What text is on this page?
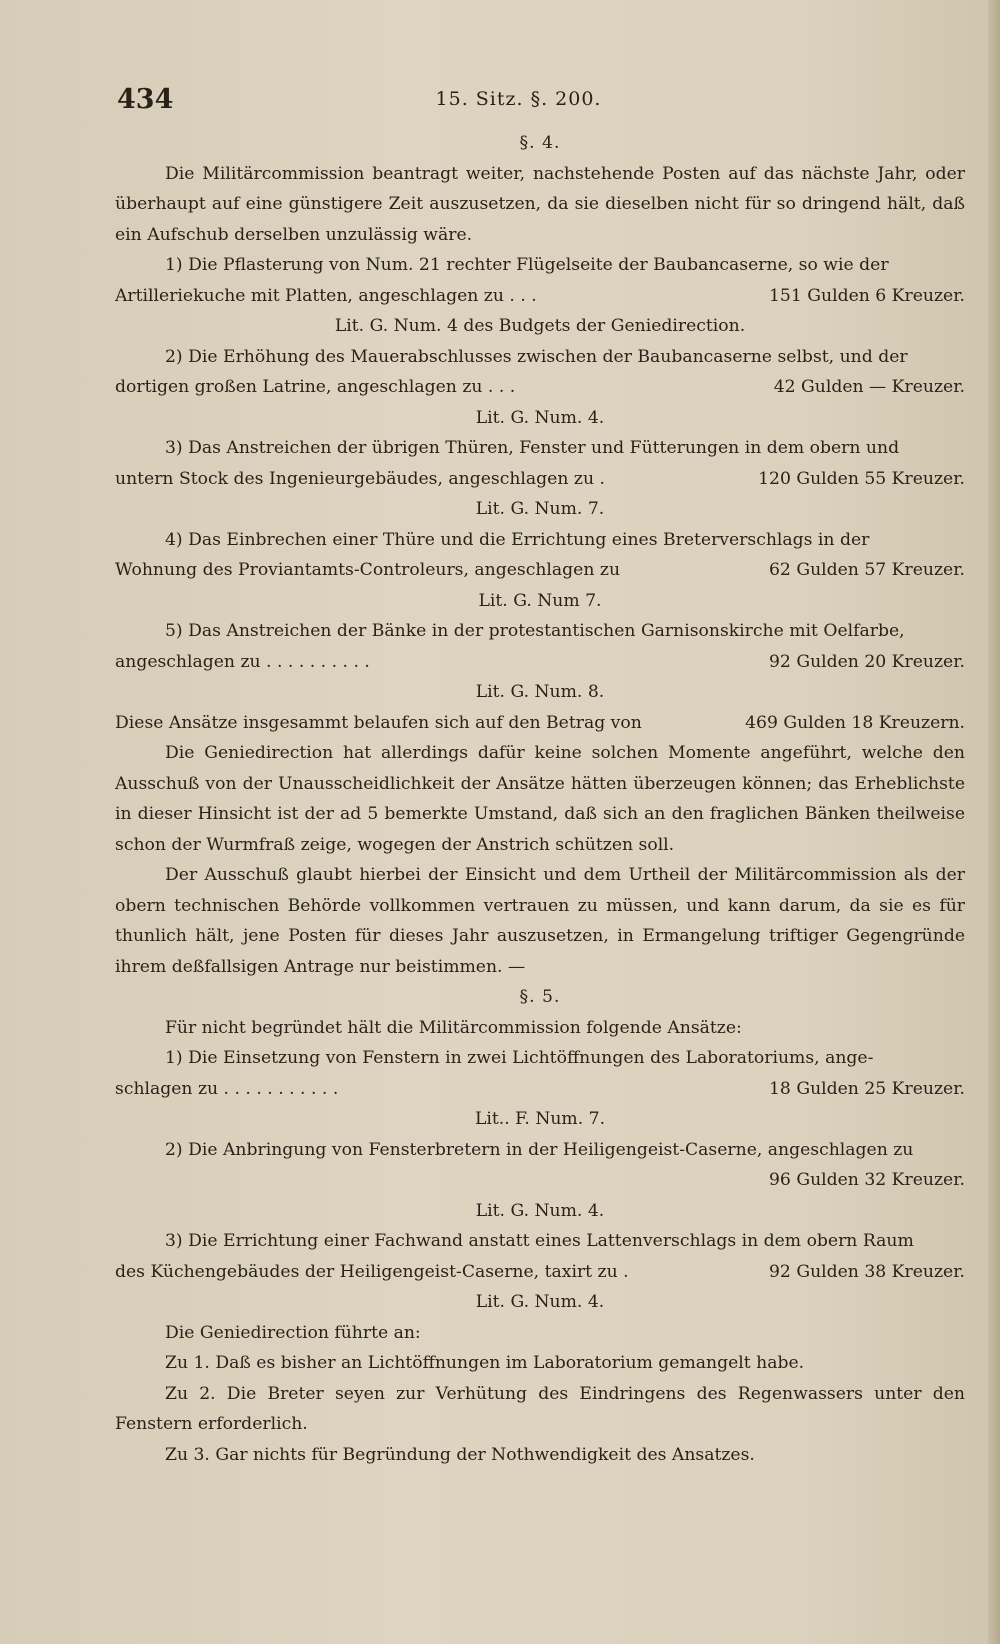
434	15. Sitz. §. 200.

§. 4.

Die Militärcommission beantragt weiter, nachstehende Posten auf das nächste Jahr, oder überhaupt auf eine günstigere Zeit auszusetzen, da sie dieselben nicht für so dringend hält, daß ein Aufschub derselben unzulässig wäre.

1) Die Pflasterung von Num. 21 rechter Flügelseite der Baubancaserne, so wie der

Artilleriekuche mit Platten, angeschlagen zu . . .	151 Gulden 6 Kreuzer.

Lit. G. Num. 4 des Budgets der Geniedirection.

2) Die Erhöhung des Mauerabschlusses zwischen der Baubancaserne selbst, und der

dortigen großen Latrine, angeschlagen zu . . .	42 Gulden — Kreuzer.

Lit. G. Num. 4.

3) Das Anstreichen der übrigen Thüren, Fenster und Fütterungen in dem obern und

untern Stock des Ingenieurgebäudes, angeschlagen zu .	120 Gulden 55 Kreuzer.

Lit. G. Num. 7.

4) Das Einbrechen einer Thüre und die Errichtung eines Breterverschlags in der

Wohnung des Proviantamts-Controleurs, angeschlagen zu	62 Gulden 57 Kreuzer.

Lit. G. Num 7.

5) Das Anstreichen der Bänke in der protestantischen Garnisonskirche mit Oelfarbe,

angeschlagen zu . . . . . . . . . .	92 Gulden 20 Kreuzer.

Lit. G. Num. 8.

Diese Ansätze insgesammt belaufen sich auf den Betrag von	469 Gulden 18 Kreuzern.

Die Geniedirection hat allerdings dafür keine solchen Momente angeführt, welche den Ausschuß von der Unausscheidlichkeit der Ansätze hätten überzeugen können; das Erheblichste in dieser Hinsicht ist der ad 5 bemerkte Umstand, daß sich an den fraglichen Bänken theilweise schon der Wurmfraß zeige, wogegen der Anstrich schützen soll.

Der Ausschuß glaubt hierbei der Einsicht und dem Urtheil der Militärcommission als der obern technischen Behörde vollkommen vertrauen zu müssen, und kann darum, da sie es für thunlich hält, jene Posten für dieses Jahr auszusetzen, in Ermangelung triftiger Gegengründe ihrem deßfallsigen Antrage nur beistimmen. —

§. 5.

Für nicht begründet hält die Militärcommission folgende Ansätze:

1) Die Einsetzung von Fenstern in zwei Lichtöffnungen des Laboratoriums, ange-

schlagen zu . . . . . . . . . . .	18 Gulden 25 Kreuzer.

Lit.. F. Num. 7.

2) Die Anbringung von Fensterbretern in der Heiligengeist-Caserne, angeschlagen zu

96 Gulden 32 Kreuzer.

Lit. G. Num. 4.

3) Die Errichtung einer Fachwand anstatt eines Lattenverschlags in dem obern Raum

des Küchengebäudes der Heiligengeist-Caserne, taxirt zu .	92 Gulden 38 Kreuzer.

Lit. G. Num. 4.

Die Geniedirection führte an:

Zu 1. Daß es bisher an Lichtöffnungen im Laboratorium gemangelt habe.

Zu 2. Die Breter seyen zur Verhütung des Eindringens des Regenwassers unter den Fenstern erforderlich.

Zu 3. Gar nichts für Begründung der Nothwendigkeit des Ansatzes.
